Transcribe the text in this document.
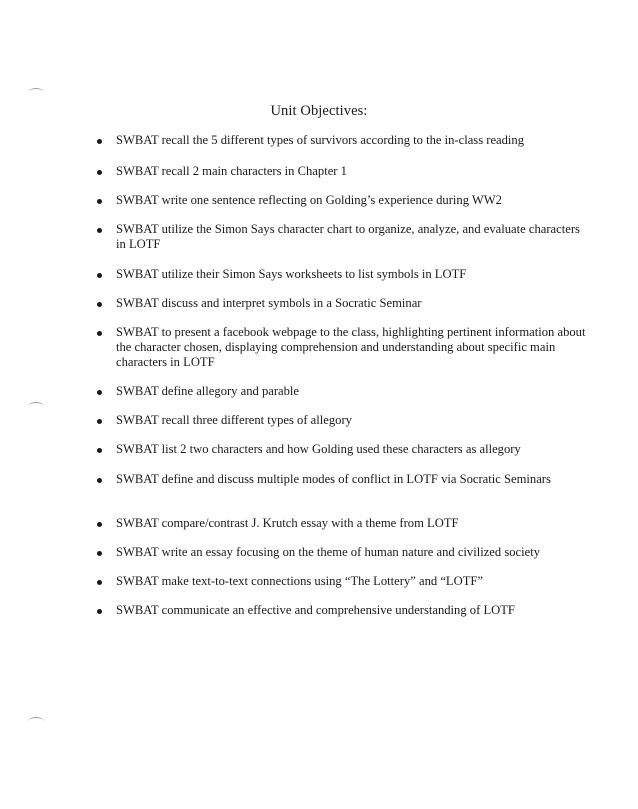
Unit Objectives:
SWBAT recall the 5 different types of survivors according to the in-class reading
SWBAT recall 2 main characters in Chapter 1
SWBAT write one sentence reflecting on Golding’s experience during WW2
SWBAT utilize the Simon Says character chart to organize, analyze, and evaluate characters in LOTF
SWBAT utilize their Simon Says worksheets to list symbols in LOTF
SWBAT discuss and interpret symbols in a Socratic Seminar
SWBAT to present a facebook webpage to the class, highlighting pertinent information about the character chosen, displaying comprehension and understanding about specific main characters in LOTF
SWBAT define allegory and parable
SWBAT recall three different types of allegory
SWBAT list 2 two characters and how Golding used these characters as allegory
SWBAT define and discuss multiple modes of conflict in LOTF via Socratic Seminars
SWBAT compare/contrast J. Krutch essay with a theme from LOTF
SWBAT write an essay focusing on the theme of human nature and civilized society
SWBAT make text-to-text connections using “The Lottery” and “LOTF”
SWBAT communicate an effective and comprehensive understanding of LOTF
